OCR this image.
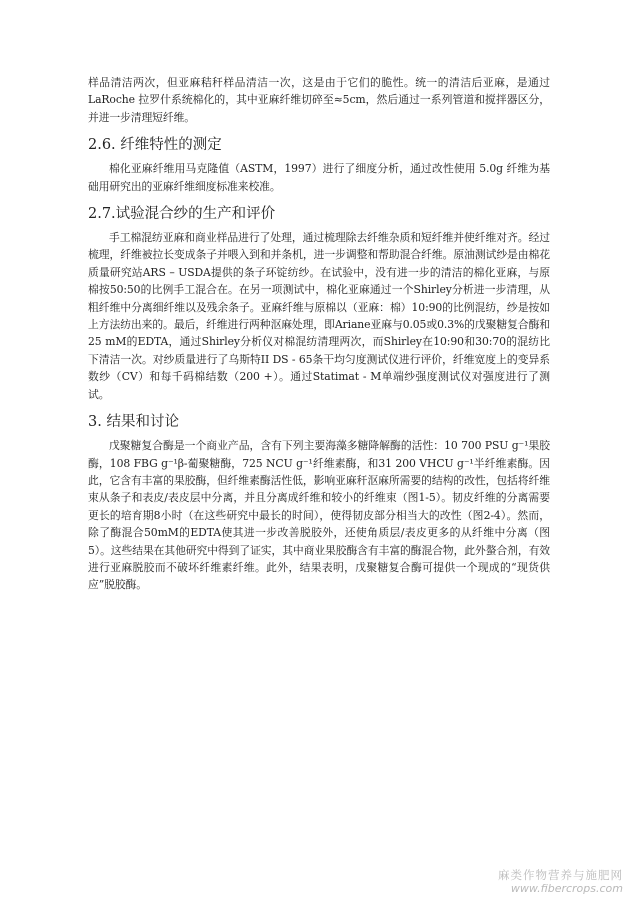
样品清洁两次，但亚麻秸秆样品清洁一次，这是由于它们的脆性。统一的清洁后亚麻，是通过 LaRoche 拉罗什系统棉化的，其中亚麻纤维切碎至≈5cm，然后通过一系列管道和搅拌器区分，并进一步清理短纤维。

2.6. 纤维特性的测定

棉化亚麻纤维用马克隆值（ASTM，1997）进行了细度分析，通过改性使用 5.0g 纤维为基础用研究出的亚麻纤维细度标准来校准。

2.7.试验混合纱的生产和评价

手工棉混纺亚麻和商业样品进行了处理，通过梳理除去纤维杂质和短纤维并使纤维对齐。经过梳理，纤维被拉长变成条子并喂入到和并条机，进一步调整和帮助混合纤维。原油测试纱是由棉花质量研究站ARS – USDA提供的条子环锭纺纱。在试验中，没有进一步的清洁的棉化亚麻，与原棉按50:50的比例手工混合在。在另一项测试中，棉化亚麻通过一个Shirley分析进一步清理，从粗纤维中分离细纤维以及残余条子。亚麻纤维与原棉以（亚麻：棉）10:90的比例混纺，纱是按如上方法纺出来的。最后，纤维进行两种沤麻处理，即Ariane亚麻与0.05或0.3%的戊聚糖复合酶和25 mM的EDTA，通过Shirley分析仪对棉混纺清理两次，而Shirley在10:90和30:70的混纺比下清洁一次。对纱质量进行了乌斯特II DS - 65条干均匀度测试仪进行评价，纤维宽度上的变异系数纱（CV）和每千码棉结数（200 +）。通过Statimat - M单端纱强度测试仪对强度进行了测试。

3. 结果和讨论

戊聚糖复合酶是一个商业产品，含有下列主要海藻多糖降解酶的活性：10 700 PSU g⁻¹果胶酶，108 FBG g⁻¹β-葡聚糖酶，725 NCU g⁻¹纤维素酶，和31 200 VHCU g⁻¹半纤维素酶。因此，它含有丰富的果胶酶，但纤维素酶活性低，影响亚麻秆沤麻所需要的结构的改性，包括将纤维束从条子和表皮/表皮层中分离，并且分离成纤维和较小的纤维束（图1-5）。韧皮纤维的分离需要更长的培育期8小时（在这些研究中最长的时间），使得韧皮部分相当大的改性（图2-4）。然而，除了酶混合50mM的EDTA使其进一步改善脱胶外，还使角质层/表皮更多的从纤维中分离（图5）。这些结果在其他研究中得到了证实，其中商业果胶酶含有丰富的酶混合物，此外螯合剂，有效进行亚麻脱胶而不破坏纤维素纤维。此外，结果表明，戊聚糖复合酶可提供一个现成的“现货供应”脱胶酶。

麻类作物营养与施肥网
www.fibercrops.com
